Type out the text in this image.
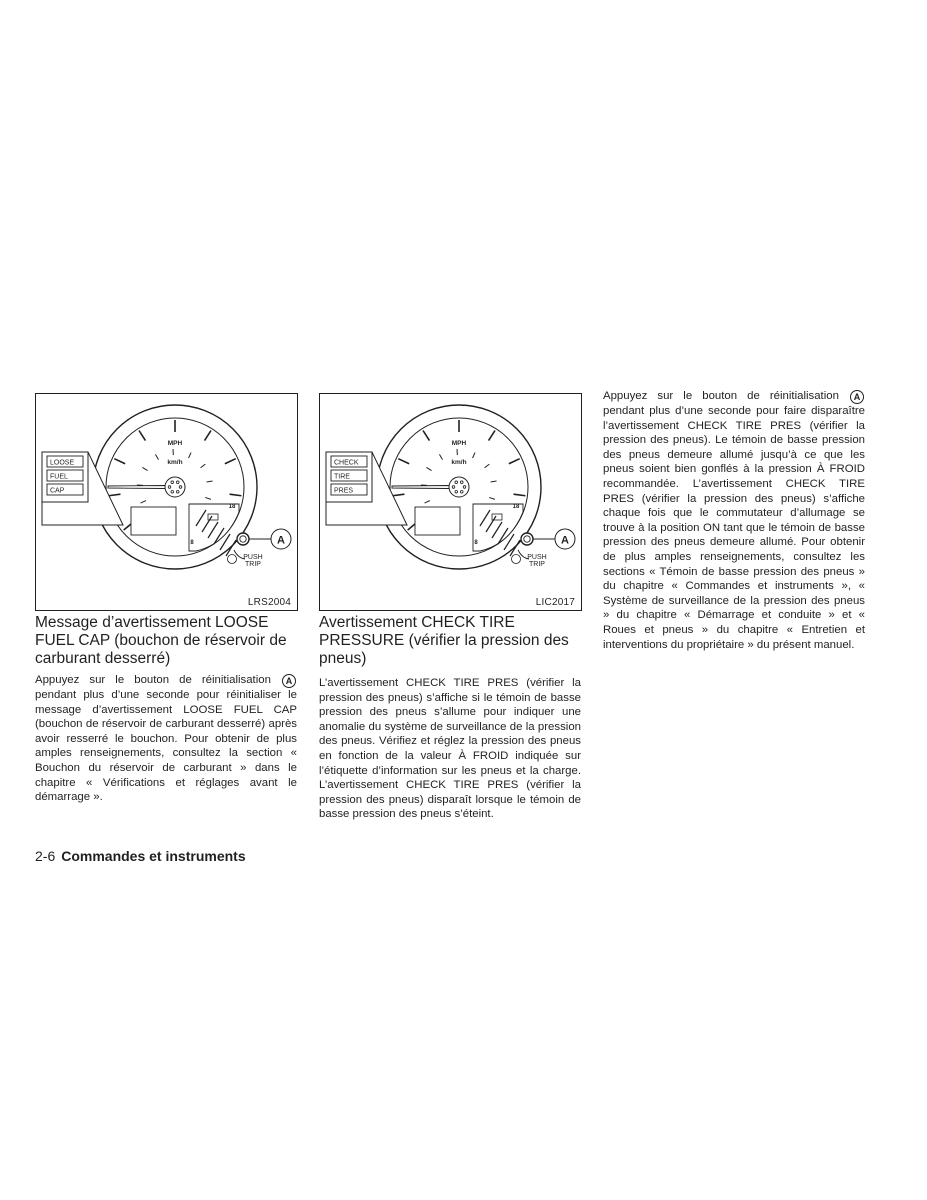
MPH
km/h
18
8
LOOSE
FUEL
CAP
A
PUSH
TRIP
LRS2004
MPH
km/h
18
8
CHECK
TIRE
PRES
A
PUSH
TRIP
LIC2017
Message d’avertissement LOOSE FUEL CAP (bouchon de réservoir de carburant desserré)

Appuyez sur le bouton de réinitialisation A pendant plus d’une seconde pour réinitialiser le message d’avertissement LOOSE FUEL CAP (bouchon de réservoir de carburant desserré) après avoir resserré le bouchon. Pour obtenir de plus amples renseignements, consultez la section « Bouchon du réservoir de carburant » dans le chapitre « Vérifications et réglages avant le démarrage ».

Avertissement CHECK TIRE PRESSURE (vérifier la pression des pneus)

L’avertissement CHECK TIRE PRES (vérifier la pression des pneus) s’affiche si le témoin de basse pression des pneus s’allume pour indiquer une anomalie du système de surveillance de la pression des pneus. Vérifiez et réglez la pression des pneus en fonction de la valeur À FROID indiquée sur l’étiquette d’information sur les pneus et la charge. L’avertissement CHECK TIRE PRES (vérifier la pression des pneus) disparaît lorsque le témoin de basse pression des pneus s’éteint.

Appuyez sur le bouton de réinitialisation A pendant plus d’une seconde pour faire disparaître l’avertissement CHECK TIRE PRES (vérifier la pression des pneus). Le témoin de basse pression des pneus demeure allumé jusqu’à ce que les pneus soient bien gonflés à la pression À FROID recommandée. L’avertissement CHECK TIRE PRES (vérifier la pression des pneus) s’affiche chaque fois que le commutateur d’allumage se trouve à la position ON tant que le témoin de basse pression des pneus demeure allumé. Pour obtenir de plus amples renseignements, consultez les sections « Témoin de basse pression des pneus » du chapitre « Commandes et instruments », « Système de surveillance de la pression des pneus » du chapitre « Démarrage et conduite » et « Roues et pneus » du chapitre « Entretien et interventions du propriétaire » du présent manuel.

2-6 Commandes et instruments
